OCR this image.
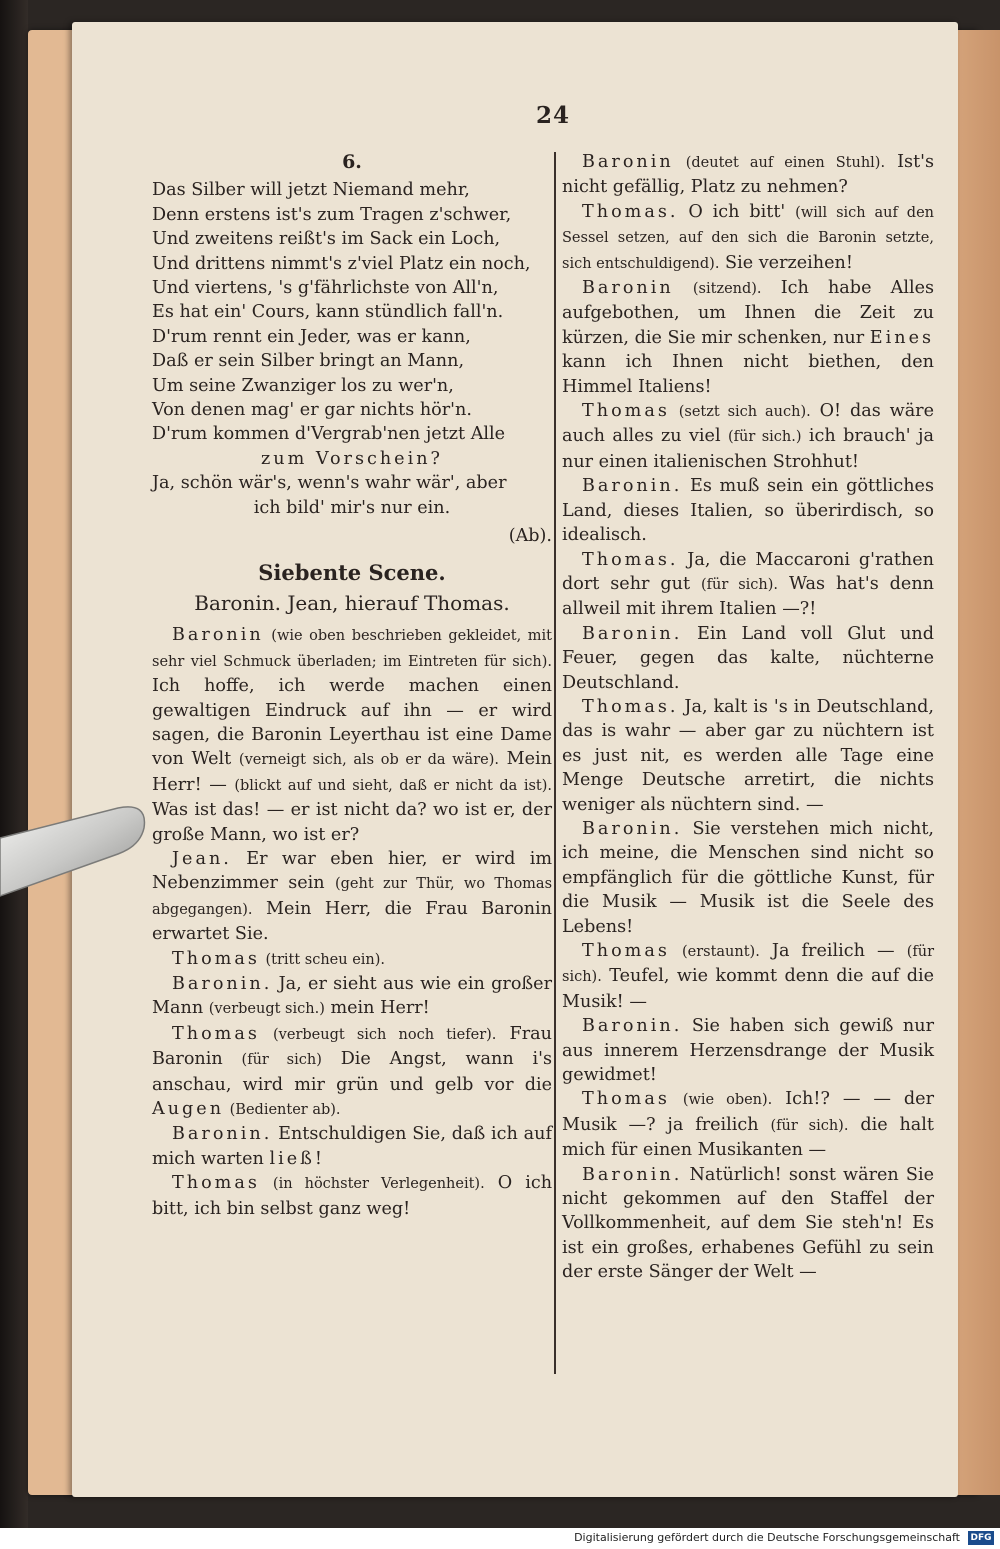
24

6.

Das Silber will jetzt Niemand mehr,

Denn erstens ist's zum Tragen z'schwer,

Und zweitens reißt's im Sack ein Loch,

Und drittens nimmt's z'viel Platz ein noch,

Und viertens, 's g'fährlichste von All'n,

Es hat ein' Cours, kann stündlich fall'n.

D'rum rennt ein Jeder, was er kann,

Daß er sein Silber bringt an Mann,

Um seine Zwanziger los zu wer'n,

Von denen mag' er gar nichts hör'n.

D'rum kommen d'Vergrab'nen jetzt Alle

zum Vorschein?

Ja, schön wär's, wenn's wahr wär', aber

ich bild' mir's nur ein.

(Ab).

Siebente Scene.

Baronin. Jean, hierauf Thomas.

Baronin (wie oben beschrieben gekleidet, mit sehr viel Schmuck überladen; im Eintreten für sich). Ich hoffe, ich werde machen einen gewaltigen Eindruck auf ihn — er wird sagen, die Baronin Leyerthau ist eine Dame von Welt (verneigt sich, als ob er da wäre). Mein Herr! — (blickt auf und sieht, daß er nicht da ist). Was ist das! — er ist nicht da? wo ist er, der große Mann, wo ist er?

Jean. Er war eben hier, er wird im Nebenzimmer sein (geht zur Thür, wo Thomas abgegangen). Mein Herr, die Frau Baronin erwartet Sie.

Thomas (tritt scheu ein).

Baronin. Ja, er sieht aus wie ein großer Mann (verbeugt sich.) mein Herr!

Thomas (verbeugt sich noch tiefer). Frau Baronin (für sich) Die Angst, wann i's anschau, wird mir grün und gelb vor die Augen (Bedienter ab).

Baronin. Entschuldigen Sie, daß ich auf mich warten ließ!

Thomas (in höchster Verlegenheit). O ich bitt, ich bin selbst ganz weg!

Baronin (deutet auf einen Stuhl). Ist's nicht gefällig, Platz zu nehmen?

Thomas. O ich bitt' (will sich auf den Sessel setzen, auf den sich die Baronin setzte, sich entschuldigend). Sie verzeihen!

Baronin (sitzend). Ich habe Alles aufgebothen, um Ihnen die Zeit zu kürzen, die Sie mir schenken, nur Eines kann ich Ihnen nicht biethen, den Himmel Italiens!

Thomas (setzt sich auch). O! das wäre auch alles zu viel (für sich.) ich brauch' ja nur einen italienischen Strohhut!

Baronin. Es muß sein ein göttliches Land, dieses Italien, so überirdisch, so idealisch.

Thomas. Ja, die Maccaroni g'rathen dort sehr gut (für sich). Was hat's denn allweil mit ihrem Italien —?!

Baronin. Ein Land voll Glut und Feuer, gegen das kalte, nüchterne Deutschland.

Thomas. Ja, kalt is 's in Deutschland, das is wahr — aber gar zu nüchtern ist es just nit, es werden alle Tage eine Menge Deutsche arretirt, die nichts weniger als nüchtern sind. —

Baronin. Sie verstehen mich nicht, ich meine, die Menschen sind nicht so empfänglich für die göttliche Kunst, für die Musik — Musik ist die Seele des Lebens!

Thomas (erstaunt). Ja freilich — (für sich). Teufel, wie kommt denn die auf die Musik! —

Baronin. Sie haben sich gewiß nur aus innerem Herzensdrange der Musik gewidmet!

Thomas (wie oben). Ich!? — — der Musik —? ja freilich (für sich). die halt mich für einen Musikanten —

Baronin. Natürlich! sonst wären Sie nicht gekommen auf den Staffel der Vollkommenheit, auf dem Sie steh'n! Es ist ein großes, erhabenes Gefühl zu sein der erste Sänger der Welt —

Digitalisierung gefördert durch die Deutsche Forschungsgemeinschaft DFG
